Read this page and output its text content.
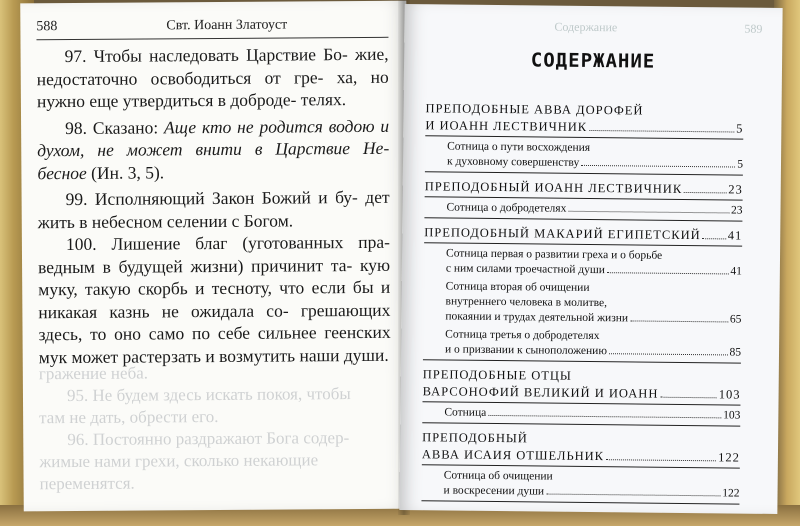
588	Свт. Иоанн Златоуст

97. Чтобы наследовать Царствие Бо- жие, недостаточно освободиться от гре- ха, но нужно еще утвердиться в доброде- телях.

98. Сказано: Аще кто не родится водою и духом, не может внити в Царствие Не- бесное (Ин. 3, 5).

99. Исполняющий Закон Божий и бу- дет жить в небесном селении с Богом.

100. Лишение благ (уготованных пра- ведным в будущей жизни) причинит та- кую муку, такую скорбь и тесноту, что если бы и никакая казнь не ожидала со- грешающих здесь, то оно само по себе сильнее геенских мук может растерзать и возмутить наши души.

гражение неба.

95. Не будем здесь искать покоя, чтобы

там не дать, обрести его.

96. Постоянно раздражают Бога содер-

жимые нами грехи, сколько некающие

переменятся.

Содержание	589
СОДЕРЖАНИЕ
ПРЕПОДОБНЫЕ АВВА ДОРОФЕЙ
И ИОАНН ЛЕСТВИЧНИК	5
Сотница о пути восхождения
к духовному совершенству	5
ПРЕПОДОБНЫЙ ИОАНН ЛЕСТВИЧНИК	23
Сотница о добродетелях	23
ПРЕПОДОБНЫЙ МАКАРИЙ ЕГИПЕТСКИЙ 41
Сотница первая о развитии греха и о борьбе
с ним силами троечастной души	41
Сотница вторая об очищении
внутреннего человека в молитве,
покаянии и трудах деятельной жизни	65
Сотница третья о добродетелях
и о призвании к сыноположению	85
ПРЕПОДОБНЫЕ ОТЦЫ
ВАРСОНОФИЙ ВЕЛИКИЙ И ИОАНН	103
Сотница	103
ПРЕПОДОБНЫЙ
АВВА ИСАИЯ ОТШЕЛЬНИК	122
Сотница об очищении
и воскресении души	122
